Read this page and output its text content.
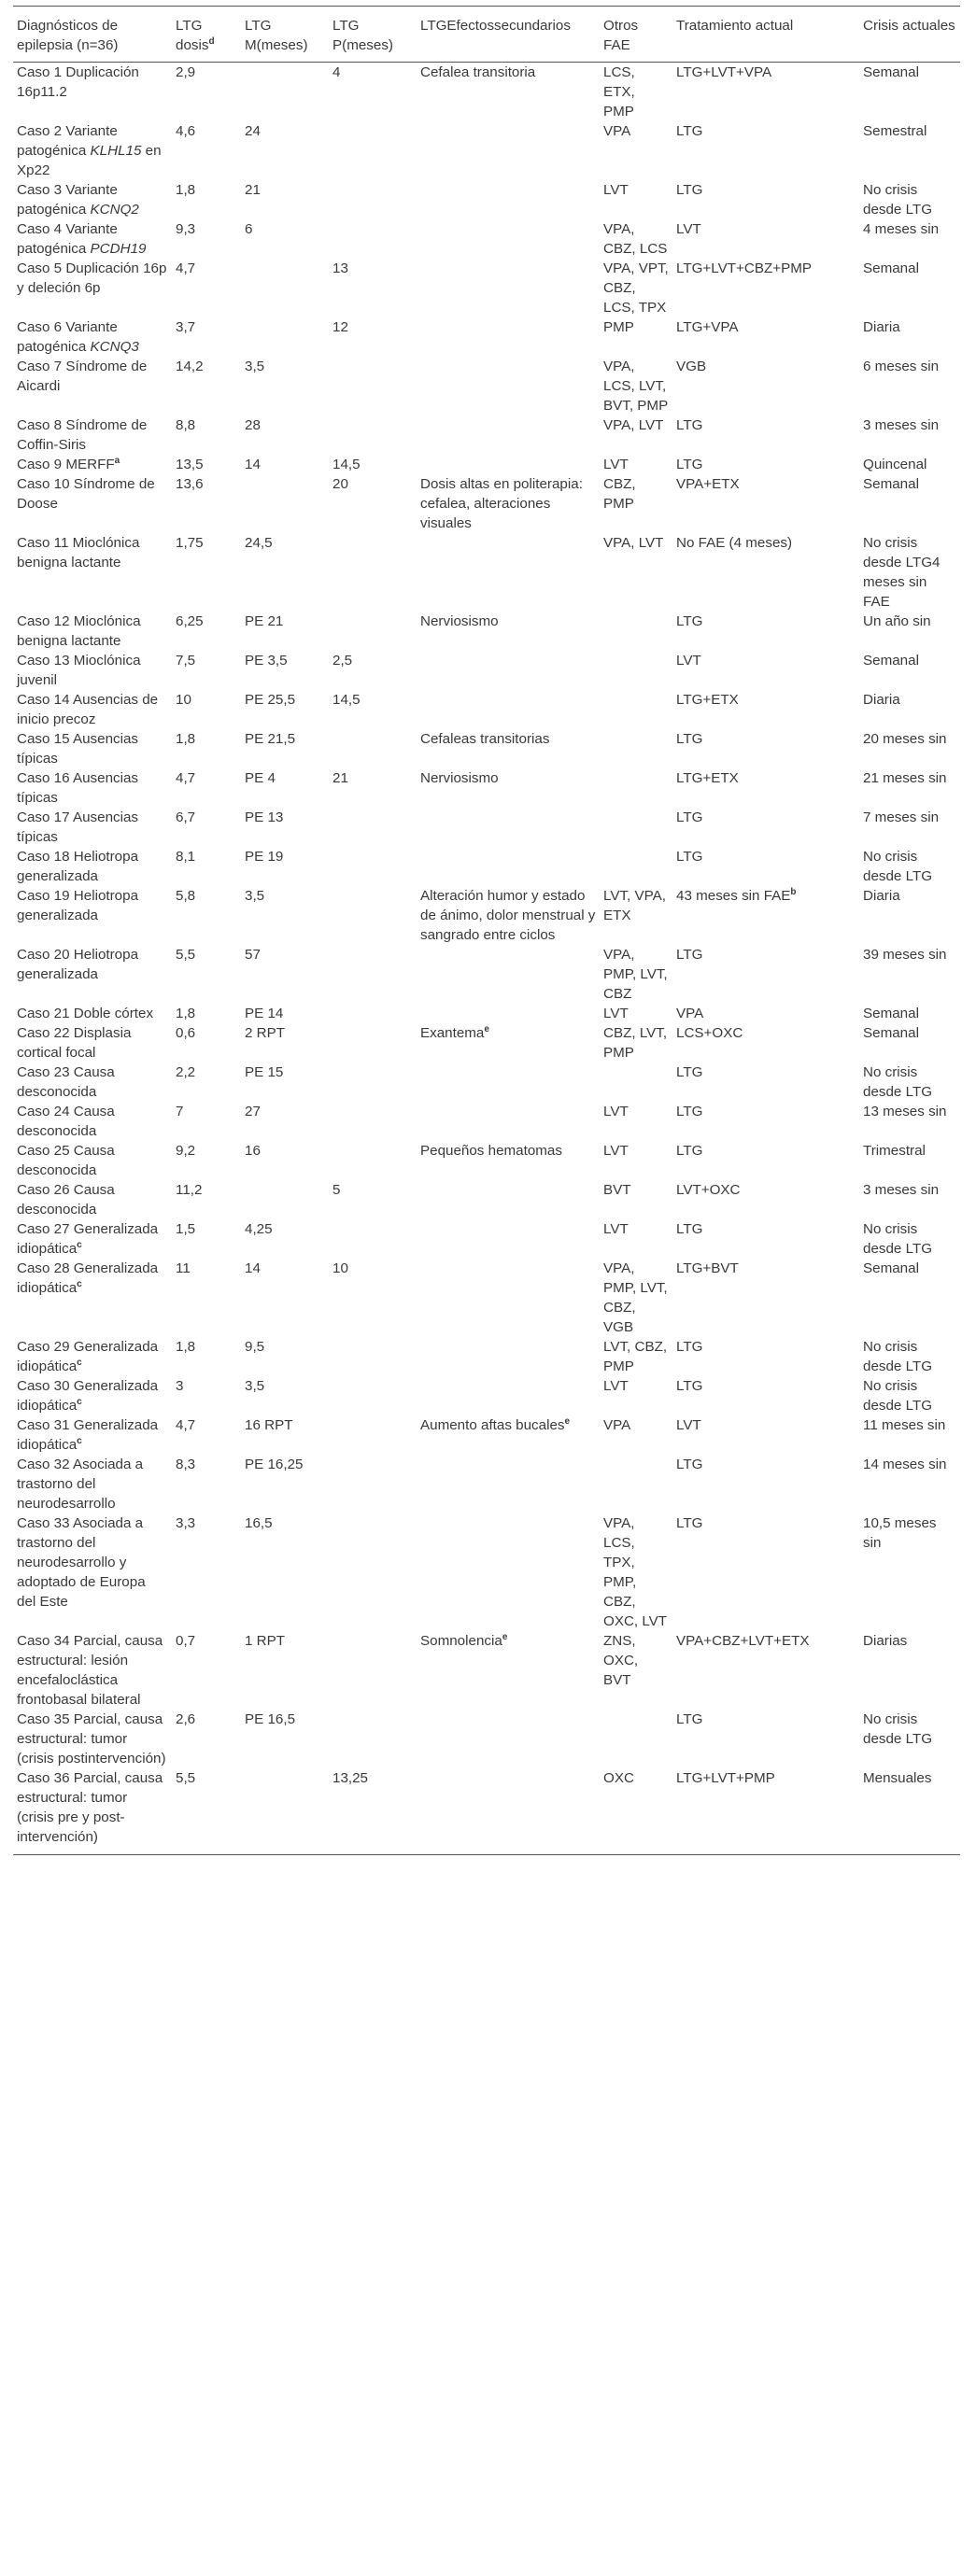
Diagnósticos de epilepsia (n=36)	LTG dosis$^d$	LTG M(meses)	LTG P(meses)	LTGEfectossecundarios	Otros FAE	Tratamiento actual	Crisis actuales
Caso 1 Duplicación 16p11.2	2,9		4	Cefalea transitoria	LCS, ETX, PMP	LTG+LVT+VPA	Semanal
Caso 2 Variante patogénica KLHL15 en Xp22	4,6	24			VPA	LTG	Semestral
Caso 3 Variante patogénica KCNQ2	1,8	21			LVT	LTG	No crisis desde LTG
Caso 4 Variante patogénica PCDH19	9,3	6			VPA, CBZ, LCS	LVT	4 meses sin
Caso 5 Duplicación 16p y deleción 6p	4,7		13		VPA, VPT, CBZ, LCS, TPX	LTG+LVT+CBZ+PMP	Semanal
Caso 6 Variante patogénica KCNQ3	3,7		12		PMP	LTG+VPA	Diaria
Caso 7 Síndrome de Aicardi	14,2	3,5			VPA, LCS, LVT, BVT, PMP	VGB	6 meses sin
Caso 8 Síndrome de Coffin-Siris	8,8	28			VPA, LVT	LTG	3 meses sin
Caso 9 MERFF$^a$	13,5	14	14,5		LVT	LTG	Quincenal
Caso 10 Síndrome de Doose	13,6		20	Dosis altas en politerapia: cefalea, alteraciones visuales	CBZ, PMP	VPA+ETX	Semanal
Caso 11 Mioclónica benigna lactante	1,75	24,5			VPA, LVT	No FAE (4 meses)	No crisis desde LTG4 meses sin FAE
Caso 12 Mioclónica benigna lactante	6,25	PE 21		Nerviosismo		LTG	Un año sin
Caso 13 Mioclónica juvenil	7,5	PE 3,5	2,5			LVT	Semanal
Caso 14 Ausencias de inicio precoz	10	PE 25,5	14,5			LTG+ETX	Diaria
Caso 15 Ausencias típicas	1,8	PE 21,5		Cefaleas transitorias		LTG	20 meses sin
Caso 16 Ausencias típicas	4,7	PE 4	21	Nerviosismo		LTG+ETX	21 meses sin
Caso 17 Ausencias típicas	6,7	PE 13				LTG	7 meses sin
Caso 18 Heliotropa generalizada	8,1	PE 19				LTG	No crisis desde LTG
Caso 19 Heliotropa generalizada	5,8	3,5		Alteración humor y estado de ánimo, dolor menstrual y sangrado entre ciclos	LVT, VPA, ETX	43 meses sin FAE$^b$	Diaria
Caso 20 Heliotropa generalizada	5,5	57			VPA, PMP, LVT, CBZ	LTG	39 meses sin
Caso 21 Doble córtex	1,8	PE 14			LVT	VPA	Semanal
Caso 22 Displasia cortical focal	0,6	2 RPT		Exantema$^e$	CBZ, LVT, PMP	LCS+OXC	Semanal
Caso 23 Causa desconocida	2,2	PE 15				LTG	No crisis desde LTG
Caso 24 Causa desconocida	7	27			LVT	LTG	13 meses sin
Caso 25 Causa desconocida	9,2	16		Pequeños hematomas	LVT	LTG	Trimestral
Caso 26 Causa desconocida	11,2		5		BVT	LVT+OXC	3 meses sin
Caso 27 Generalizada idiopática$^c$	1,5	4,25			LVT	LTG	No crisis desde LTG
Caso 28 Generalizada idiopática$^c$	11	14	10		VPA, PMP, LVT, CBZ, VGB	LTG+BVT	Semanal
Caso 29 Generalizada idiopática$^c$	1,8	9,5			LVT, CBZ, PMP	LTG	No crisis desde LTG
Caso 30 Generalizada idiopática$^c$	3	3,5			LVT	LTG	No crisis desde LTG
Caso 31 Generalizada idiopática$^c$	4,7	16 RPT		Aumento aftas bucales$^e$	VPA	LVT	11 meses sin
Caso 32 Asociada a trastorno del neurodesarrollo	8,3	PE 16,25				LTG	14 meses sin
Caso 33 Asociada a trastorno del neurodesarrollo y adoptado de Europa del Este	3,3	16,5			VPA, LCS, TPX, PMP, CBZ, OXC, LVT	LTG	10,5 meses sin
Caso 34 Parcial, causa estructural: lesión encefaloclástica frontobasal bilateral	0,7	1 RPT		Somnolencia$^e$	ZNS, OXC, BVT	VPA+CBZ+LVT+ETX	Diarias
Caso 35 Parcial, causa estructural: tumor (crisis postintervención)	2,6	PE 16,5				LTG	No crisis desde LTG
Caso 36 Parcial, causa estructural: tumor (crisis pre y post-intervención)	5,5		13,25		OXC	LTG+LVT+PMP	Mensuales
